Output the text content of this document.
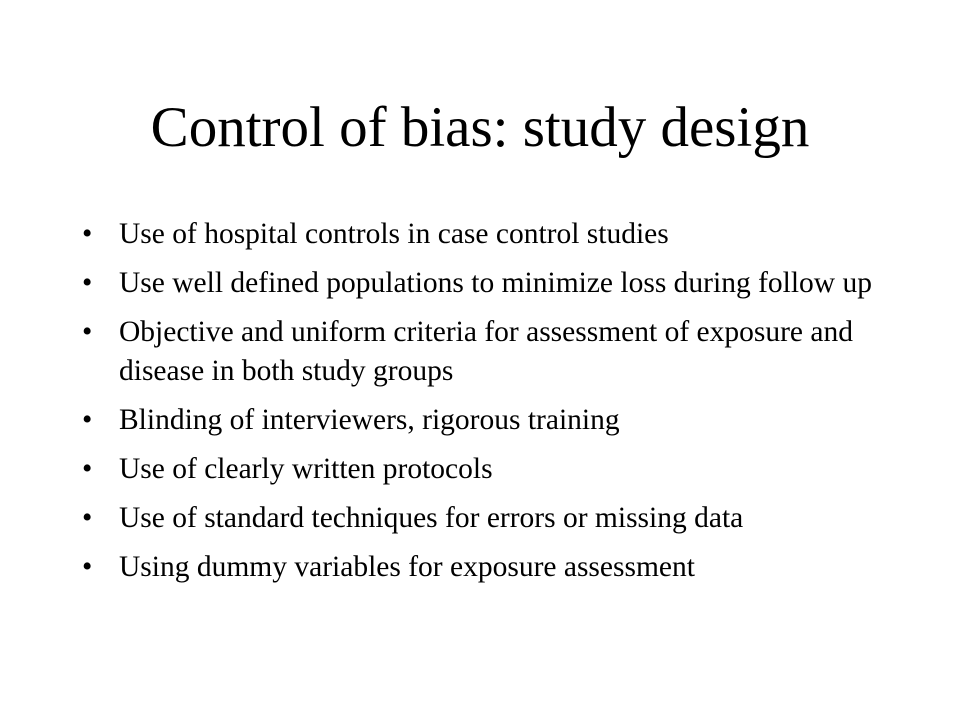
Control of bias: study design
• Use of hospital controls in case control studies
• Use well defined populations to minimize loss during follow up
• Objective and uniform criteria for assessment of exposure and disease in both study groups
• Blinding of interviewers, rigorous training
• Use of clearly written protocols
• Use of standard techniques for errors or missing data
• Using dummy variables for exposure assessment
